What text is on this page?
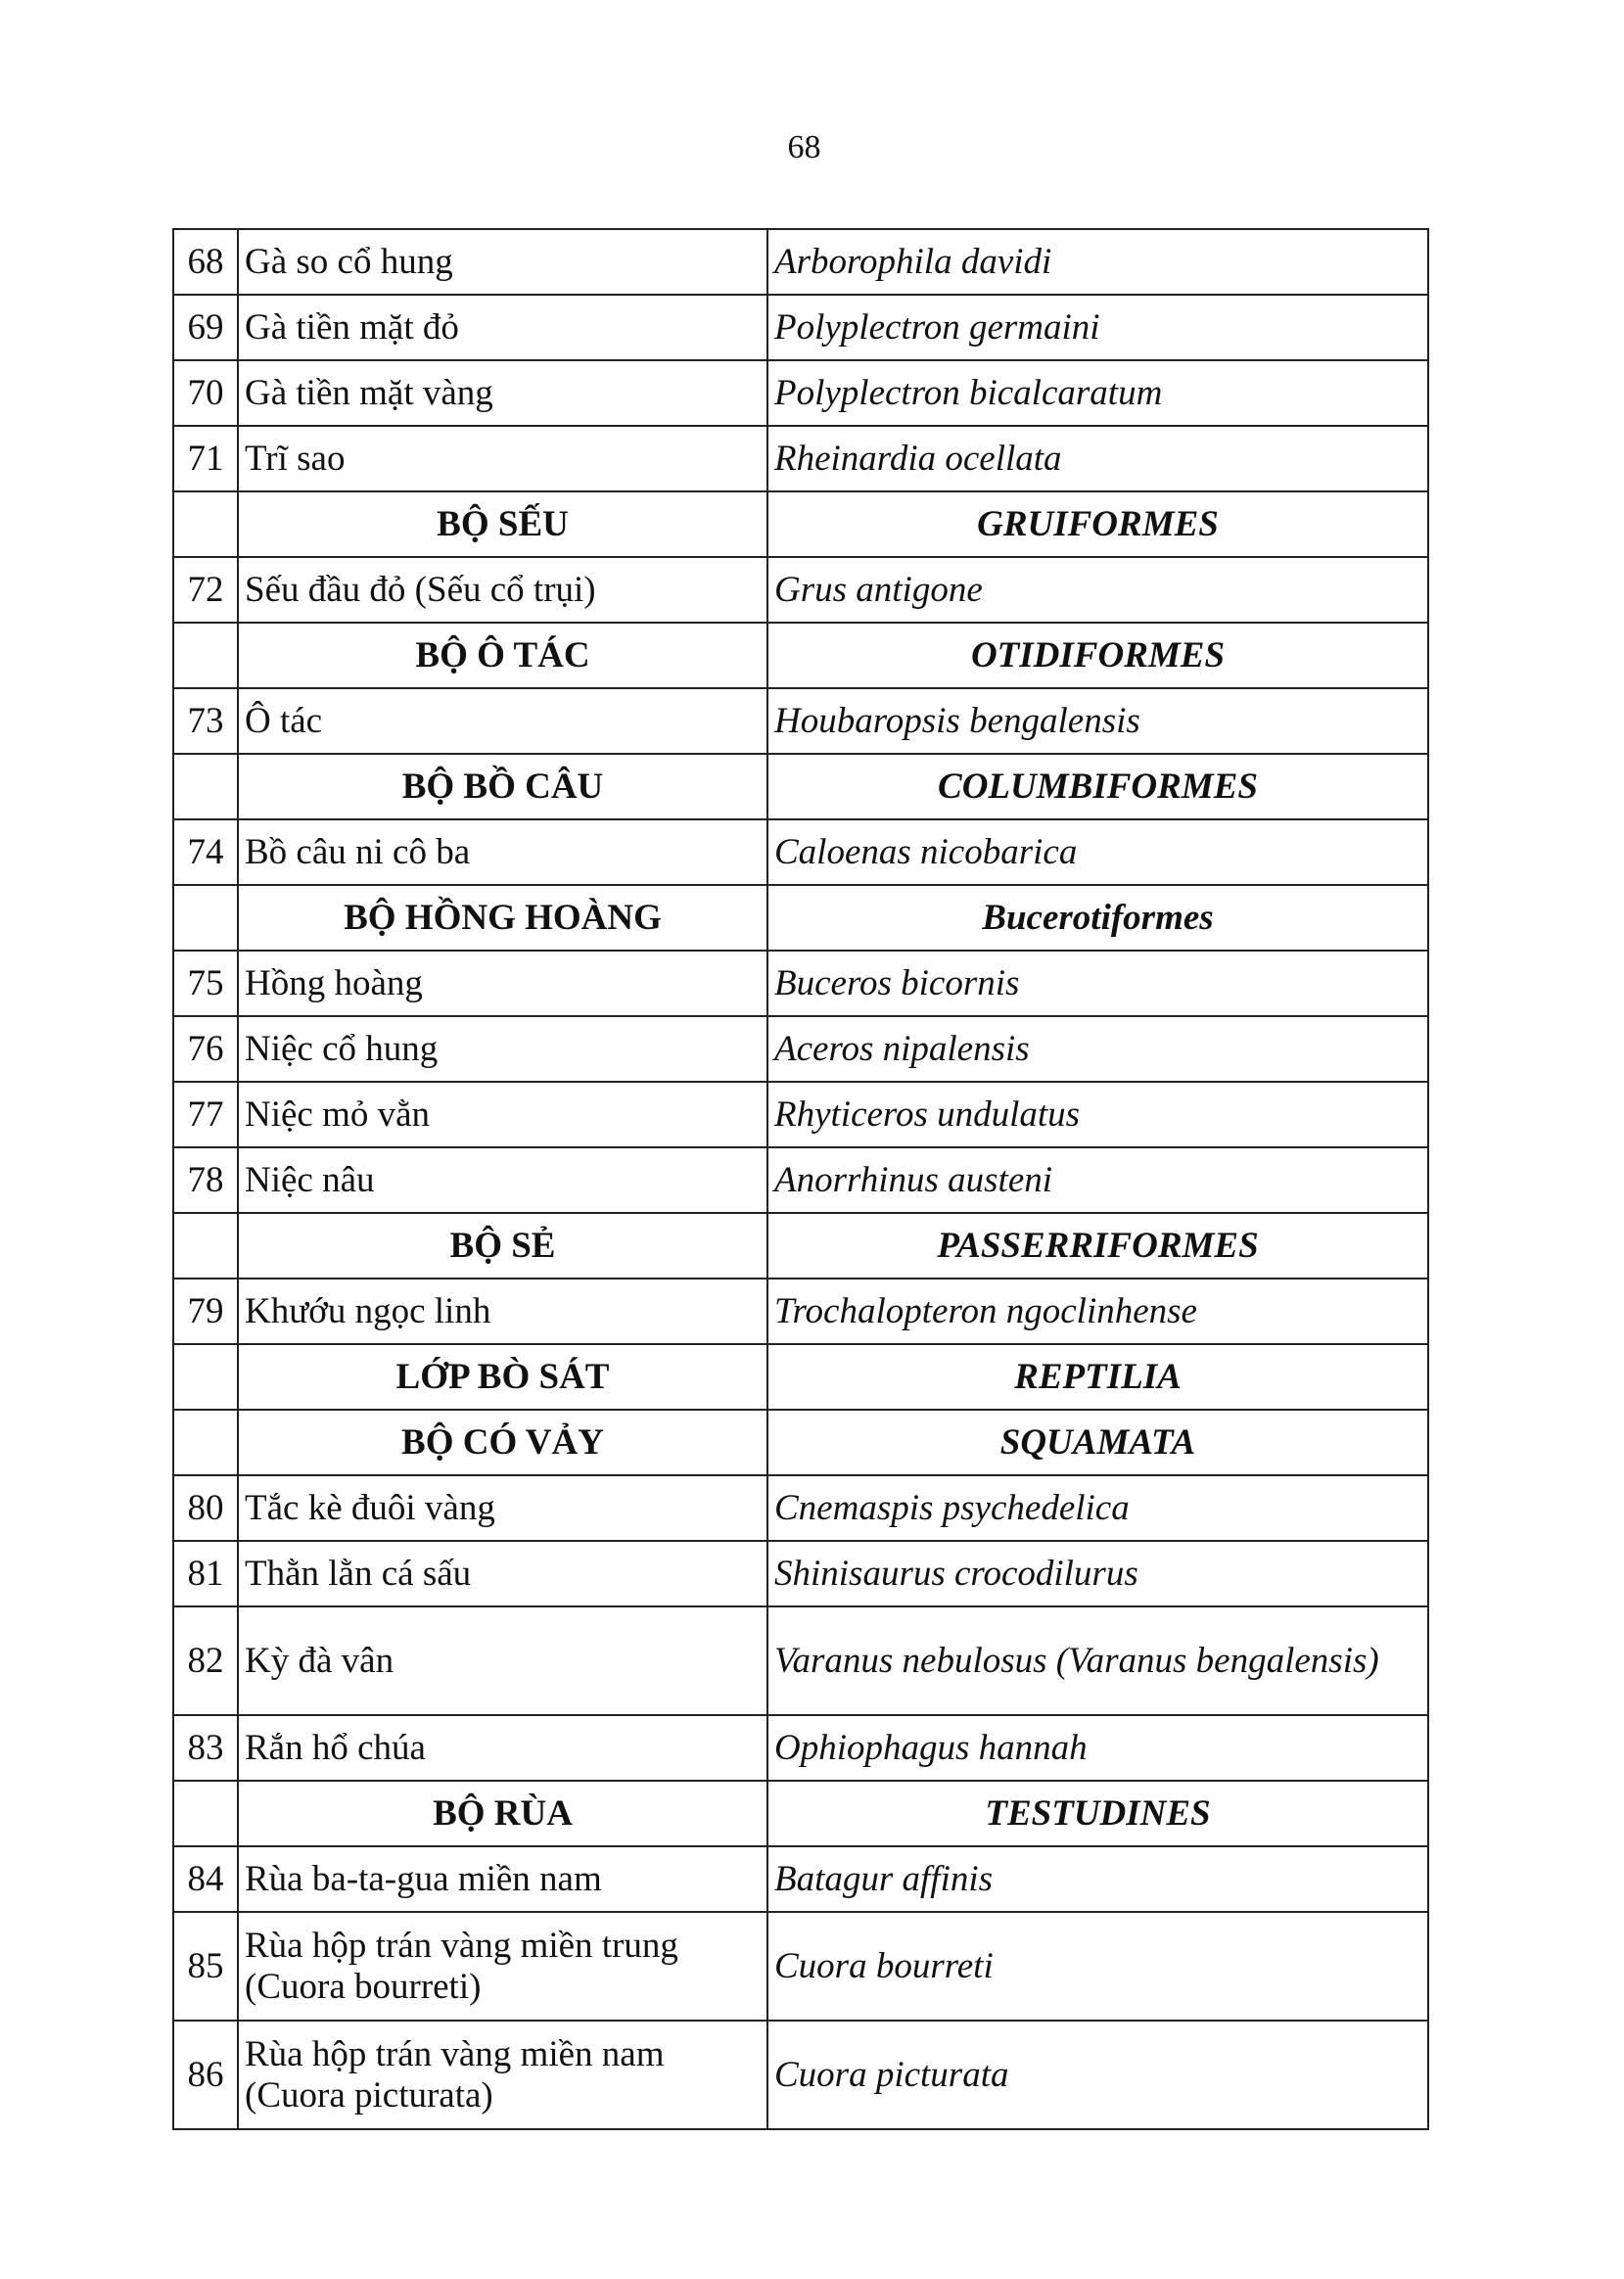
68
68	Gà so cổ hung	Arborophila davidi
69	Gà tiền mặt đỏ	Polyplectron germaini
70	Gà tiền mặt vàng	Polyplectron bicalcaratum
71	Trĩ sao	Rheinardia ocellata
	BỘ SẾU	GRUIFORMES
72	Sếu đầu đỏ (Sếu cổ trụi)	Grus antigone
	BỘ Ô TÁC	OTIDIFORMES
73	Ô tác	Houbaropsis bengalensis
	BỘ BỒ CÂU	COLUMBIFORMES
74	Bồ câu ni cô ba	Caloenas nicobarica
	BỘ HỒNG HOÀNG	Bucerotiformes
75	Hồng hoàng	Buceros bicornis
76	Niệc cổ hung	Aceros nipalensis
77	Niệc mỏ vằn	Rhyticeros undulatus
78	Niệc nâu	Anorrhinus austeni
	BỘ SẺ	PASSERRIFORMES
79	Khướu ngọc linh	Trochalopteron ngoclinhense
	LỚP BÒ SÁT	REPTILIA
	BỘ CÓ VẢY	SQUAMATA
80	Tắc kè đuôi vàng	Cnemaspis psychedelica
81	Thằn lằn cá sấu	Shinisaurus crocodilurus
82	Kỳ đà vân	Varanus nebulosus (Varanus bengalensis)
83	Rắn hổ chúa	Ophiophagus hannah
	BỘ RÙA	TESTUDINES
84	Rùa ba-ta-gua miền nam	Batagur affinis
85	Rùa hộp trán vàng miền trung (Cuora bourreti)	Cuora bourreti
86	Rùa hộp trán vàng miền nam (Cuora picturata)	Cuora picturata
